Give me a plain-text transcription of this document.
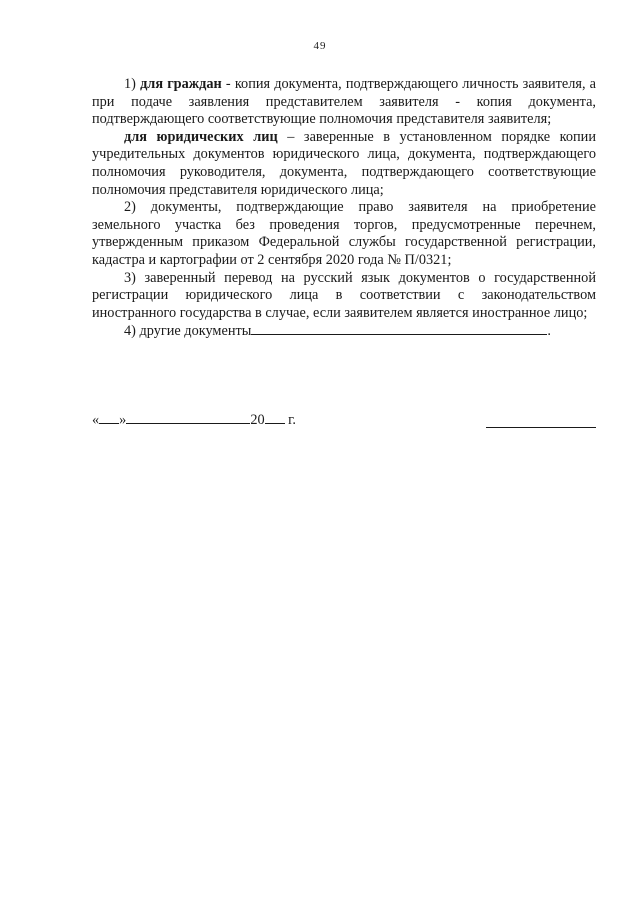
49

1) для граждан - копия документа, подтверждающего личность заявителя, а при подаче заявления представителем заявителя - копия документа, подтверждающего соответствующие полномочия представителя заявителя;

для юридических лиц – заверенные в установленном порядке копии учредительных документов юридического лица, документа, подтверждающего полномочия руководителя, документа, подтверждающего соответствующие полномочия представителя юридического лица;

2) документы, подтверждающие право заявителя на приобретение земельного участка без проведения торгов, предусмотренные перечнем, утвержденным приказом Федеральной службы государственной регистрации, кадастра и картографии от 2 сентября 2020 года № П/0321;

3) заверенный перевод на русский язык документов о государственной регистрации юридического лица в соответствии с законодательством иностранного государства в случае, если заявителем является иностранное лицо;

4) другие документы	.

« »	20 г.
